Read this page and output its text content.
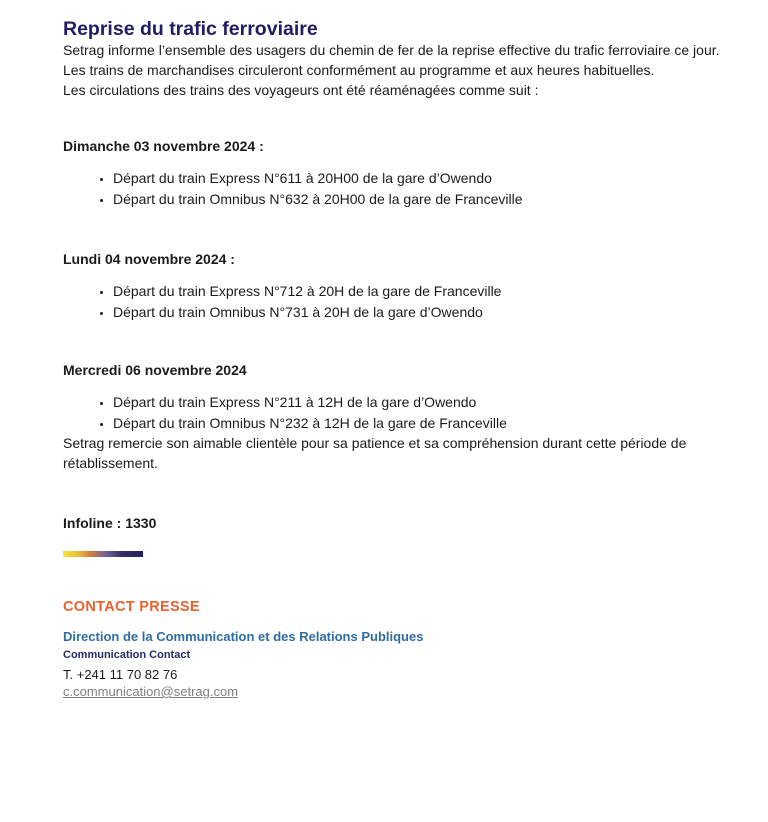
Reprise du trafic ferroviaire

Setrag informe l’ensemble des usagers du chemin de fer de la reprise effective du trafic ferroviaire ce jour.

Les trains de marchandises circuleront conformément au programme et aux heures habituelles.

Les circulations des trains des voyageurs ont été réaménagées comme suit :

Dimanche 03 novembre 2024 :

• Départ du train Express N°611 à 20H00 de la gare d’Owendo
• Départ du train Omnibus N°632 à 20H00 de la gare de Franceville

Lundi 04 novembre 2024 :

• Départ du train Express N°712 à 20H de la gare de Franceville
• Départ du train Omnibus N°731 à 20H de la gare d’Owendo

Mercredi 06 novembre 2024

• Départ du train Express N°211 à 12H de la gare d’Owendo
• Départ du train Omnibus N°232 à 12H de la gare de Franceville

Setrag remercie son aimable clientèle pour sa patience et sa compréhension durant cette période de rétablissement.

Infoline : 1330

CONTACT PRESSE

Direction de la Communication et des Relations Publiques

Communication Contact

T. +241 11 70 82 76

c.communication@setrag.com
